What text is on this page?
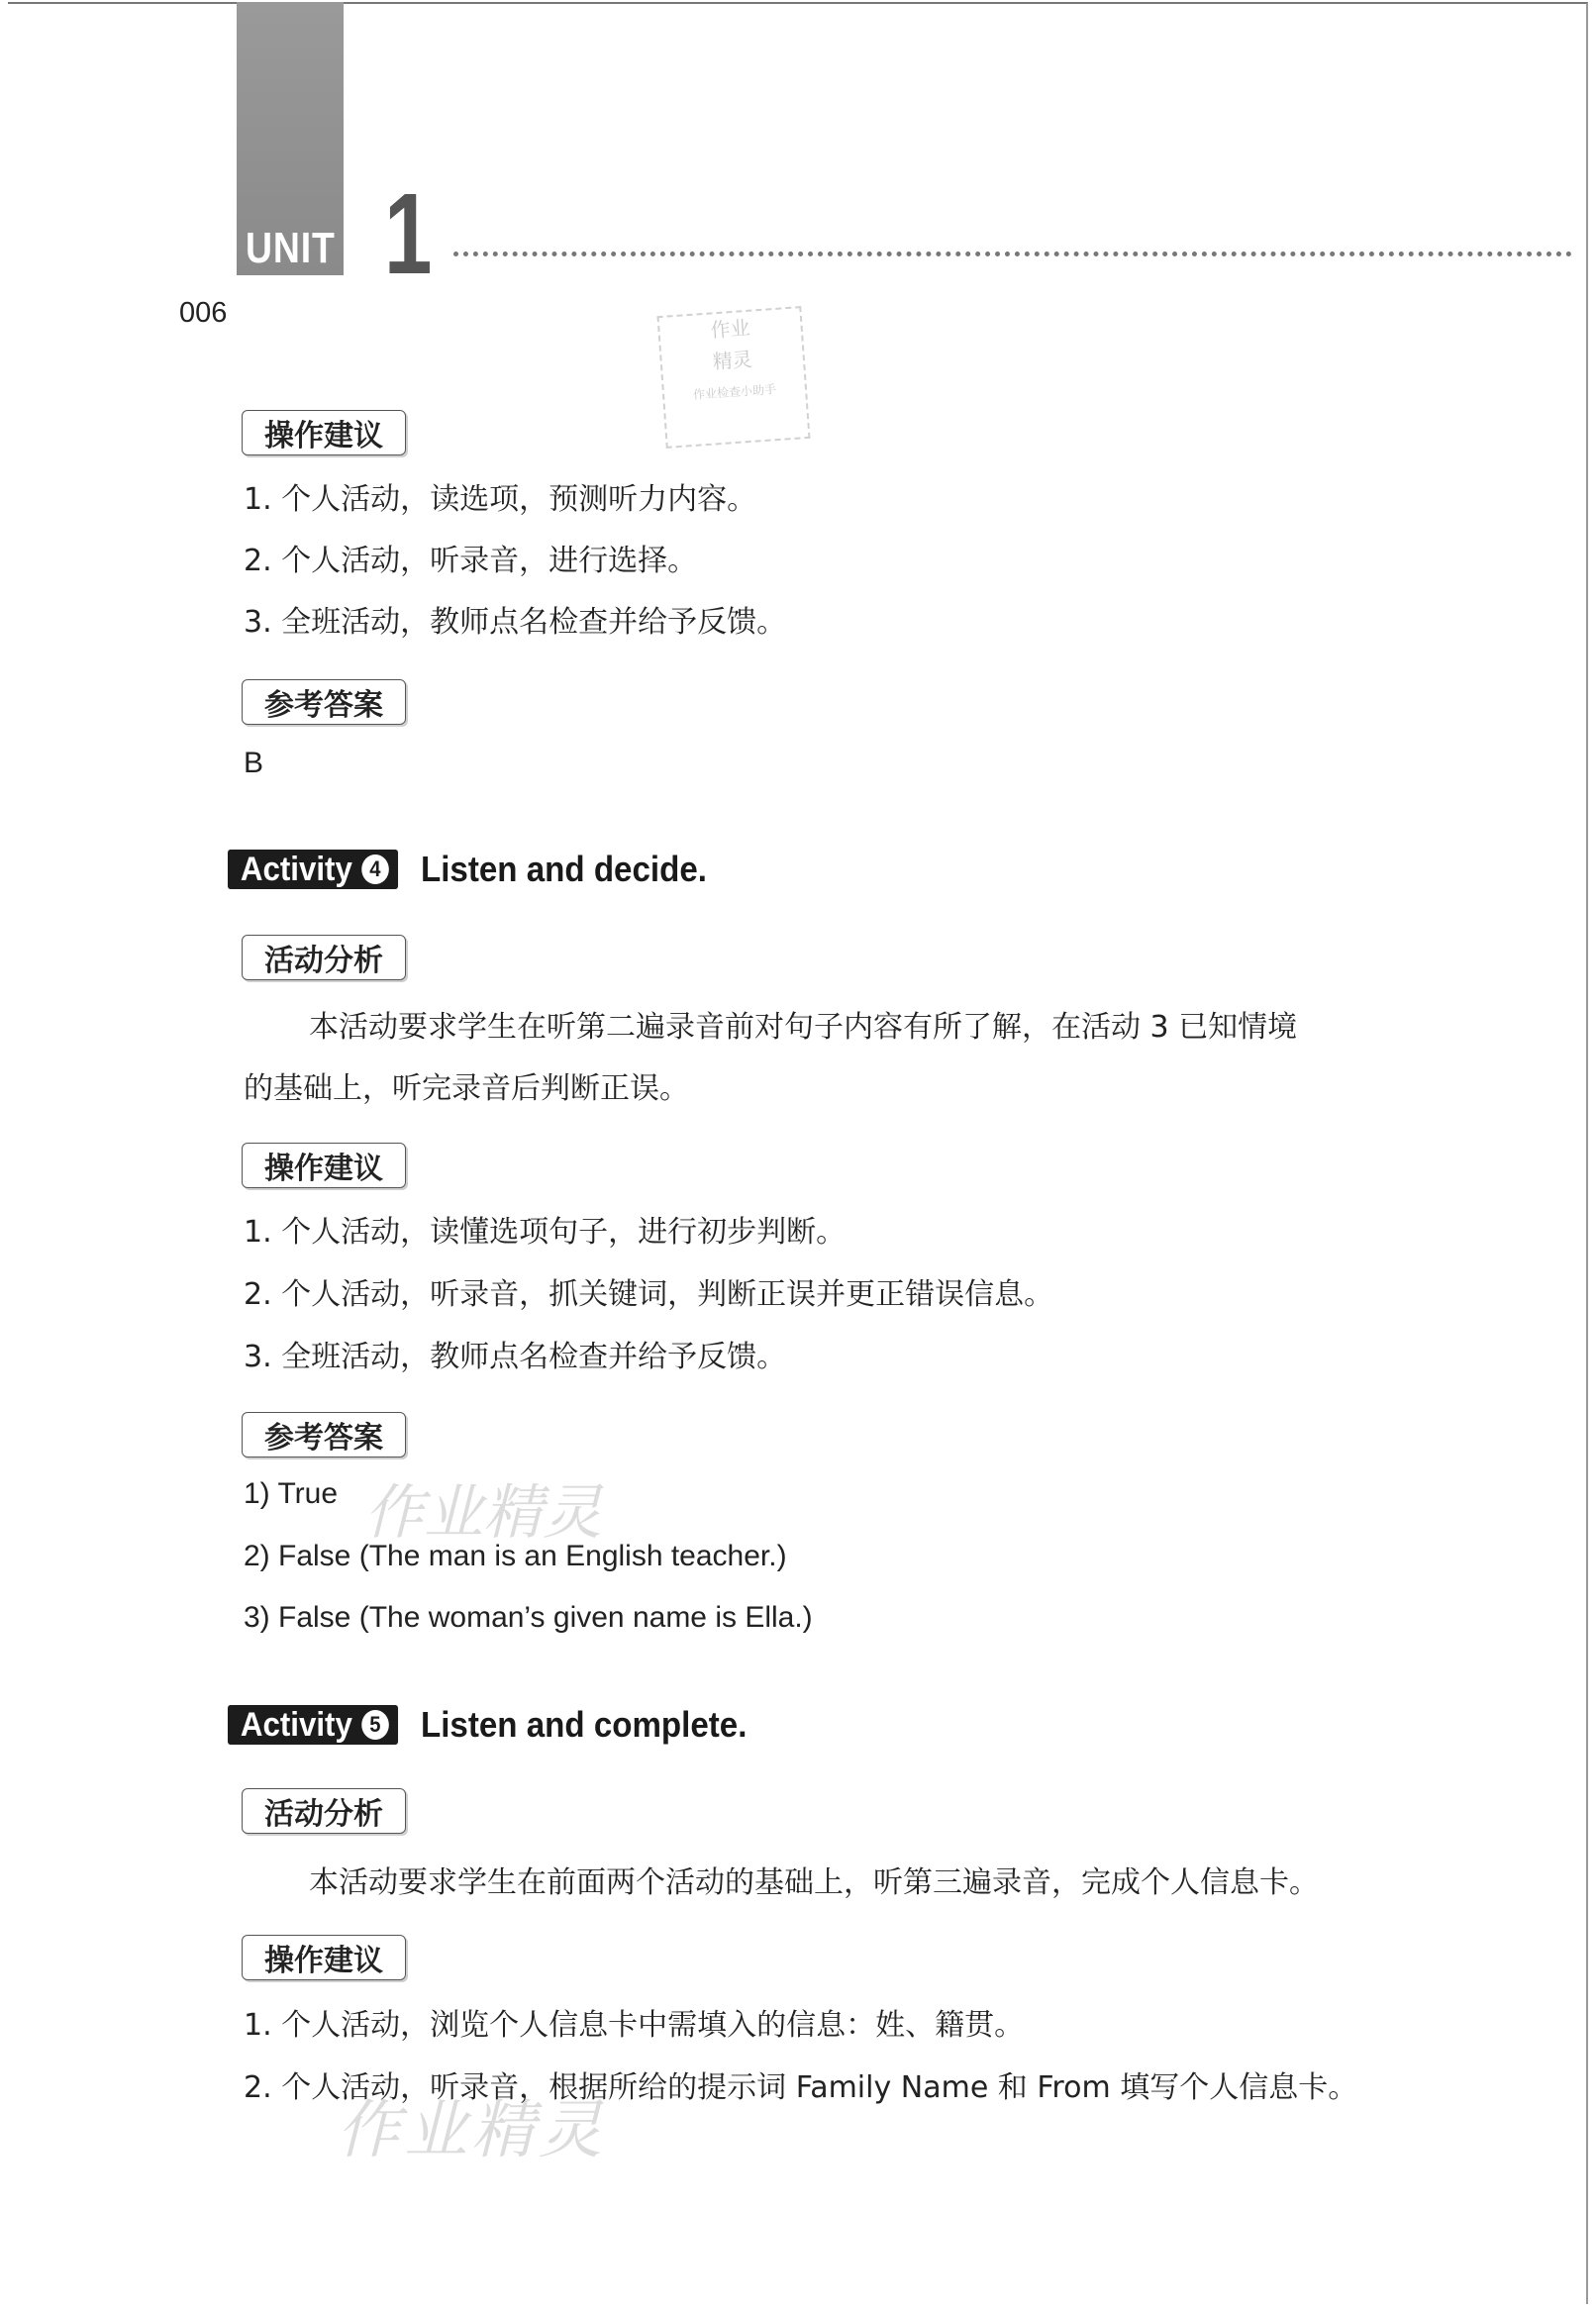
UNIT 1
006
作业
精灵
作业检查小助手
作业精灵
作业精灵
操作建议
1. 个人活动，读选项，预测听力内容。
2. 个人活动，听录音，进行选择。
3. 全班活动，教师点名检查并给予反馈。
参考答案
B
Activity 4 Listen and decide.
活动分析
本活动要求学生在听第二遍录音前对句子内容有所了解，在活动 3 已知情境
的基础上，听完录音后判断正误。
操作建议
1. 个人活动，读懂选项句子，进行初步判断。
2. 个人活动，听录音，抓关键词，判断正误并更正错误信息。
3. 全班活动，教师点名检查并给予反馈。
参考答案
1) True
2) False (The man is an English teacher.)
3) False (The woman’s given name is Ella.)
Activity 5 Listen and complete.
活动分析
本活动要求学生在前面两个活动的基础上，听第三遍录音，完成个人信息卡。
操作建议
1. 个人活动，浏览个人信息卡中需填入的信息：姓、籍贯。
2. 个人活动，听录音，根据所给的提示词 Family Name 和 From 填写个人信息卡。
